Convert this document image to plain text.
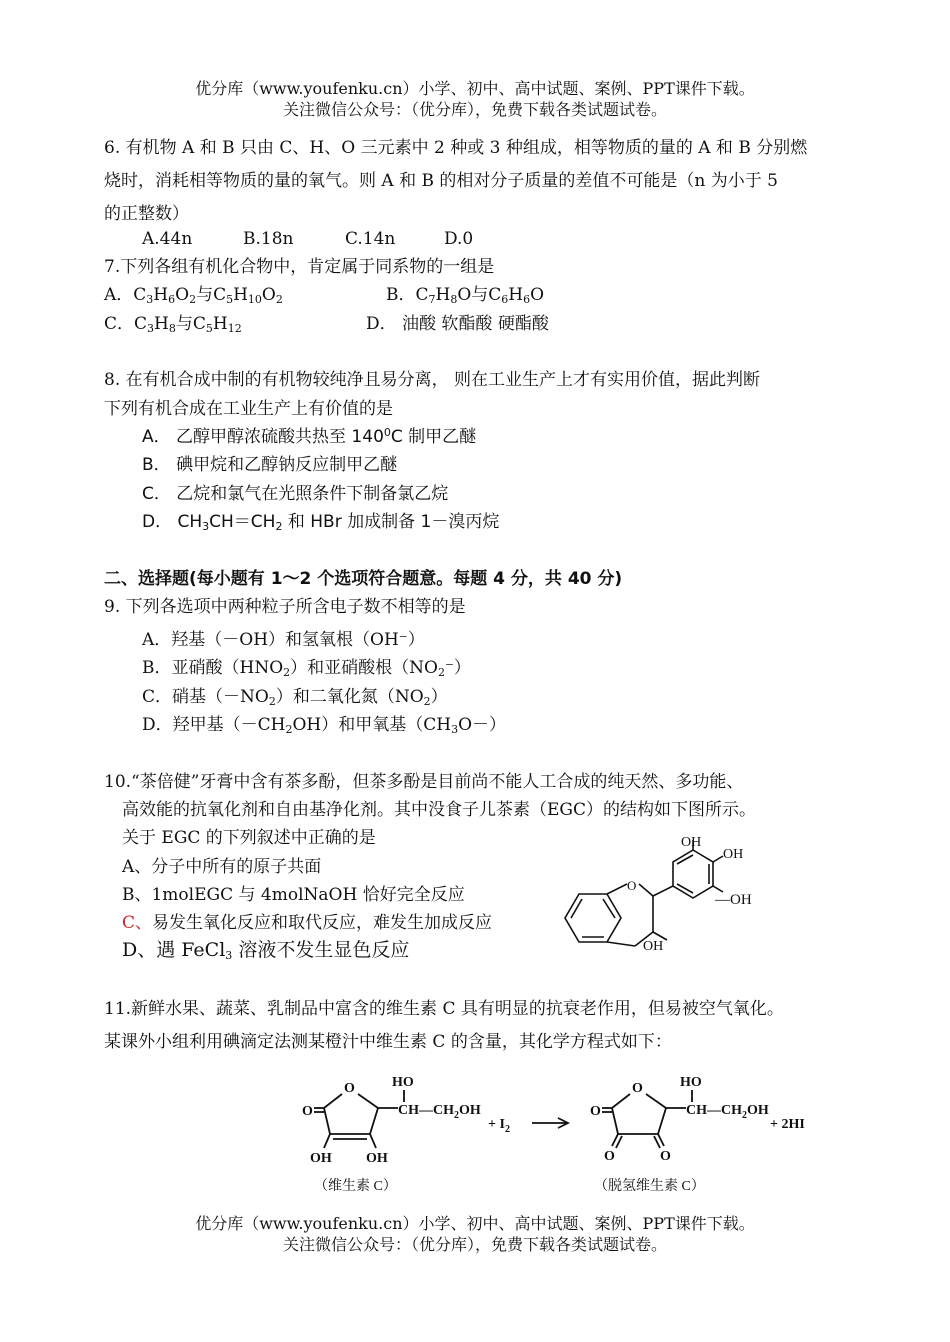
优分库（www.youfenku.cn）小学、初中、高中试题、案例、PPT课件下载。
关注微信公众号：（优分库），免费下载各类试题试卷。
6. 有机物 A 和 B 只由 C、H、O 三元素中 2 种或 3 种组成，相等物质的量的 A 和 B 分别燃
烧时，消耗相等物质的量的氧气。则 A 和 B 的相对分子质量的差值不可能是（n 为小于 5
的正整数）
A.44n	B.18n	C.14n	D.0
7.下列各组有机化合物中，肯定属于同系物的一组是
A．$C_3H_6O_2$与$C_5H_{10}O_2$	B．$C_7H_8O$与$C_6H_6O$
C．$C_3H_8$与$C_5H_{12}$	D． 油酸 软酯酸 硬酯酸
8. 在有机合成中制的有机物较纯净且易分离， 则在工业生产上才有实用价值，据此判断
下列有机合成在工业生产上有价值的是
A． 乙醇甲醇浓硫酸共热至 $140^0C$ 制甲乙醚
B． 碘甲烷和乙醇钠反应制甲乙醚
C． 乙烷和氯气在光照条件下制备氯乙烷
D． $CH_3CH=CH_2$ 和 HBr 加成制备 1－溴丙烷
二、选择题(每小题有 1～2 个选项符合题意。每题 4 分，共 40 分)
9. 下列各选项中两种粒子所含电子数不相等的是
A．羟基（－OH）和氢氧根（OH⁻）
B．亚硝酸$(HNO_2)$和亚硝酸根$(NO_2^-)$
C．硝基$(-NO_2)$和二氧化氮$(NO_2)$
D．羟甲基$(-CH_2OH)$和甲氧基$(CH_3O-)$
10.“茶倍健”牙膏中含有茶多酚，但茶多酚是目前尚不能人工合成的纯天然、多功能、
高效能的抗氧化剂和自由基净化剂。其中没食子儿茶素（EGC）的结构如下图所示。
关于 EGC 的下列叙述中正确的是
A、分子中所有的原子共面
B、1molEGC 与 4molNaOH 恰好完全反应
C、易发生氧化反应和取代反应，难发生加成反应
D、遇 FeCl$_3$ 溶液不发生显色反应
O
OH
OH
—OH
OH
11.新鲜水果、蔬菜、乳制品中富含的维生素 C 具有明显的抗衰老作用，但易被空气氧化。
某课外小组利用碘滴定法测某橙汁中维生素 C 的含量，其化学方程式如下：
O
O
HO
$CH—CH_2OH$
OH OH
+ $I_2$
O
O
HO
$CH—CH_2OH$
O	O
+ 2HI
（维生素 C）	（脱氢维生素 C）
优分库（www.youfenku.cn）小学、初中、高中试题、案例、PPT课件下载。
关注微信公众号：（优分库），免费下载各类试题试卷。
